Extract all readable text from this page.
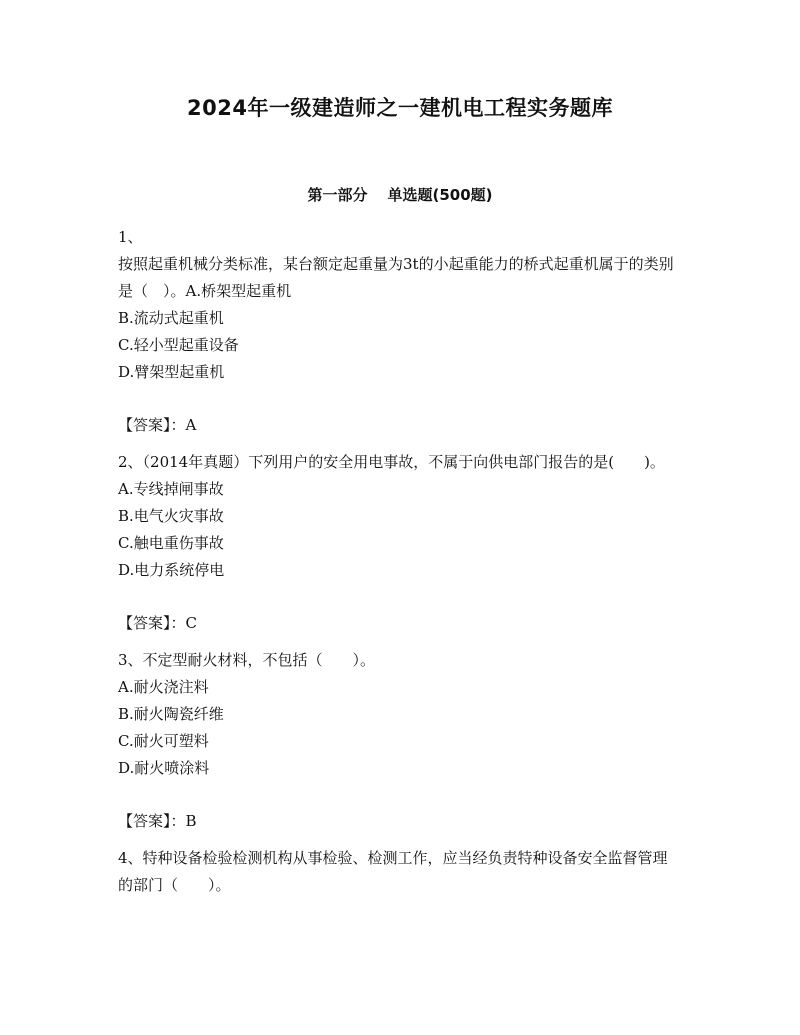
2024年一级建造师之一建机电工程实务题库
第一部分 单选题(500题)
1、
按照起重机械分类标准，某台额定起重量为3t的小起重能力的桥式起重机属于的类别是（　）。A.桥架型起重机
B.流动式起重机
C.轻小型起重设备
D.臂架型起重机
【答案】：A
2、（2014年真题）下列用户的安全用电事故，不属于向供电部门报告的是(　　)。
A.专线掉闸事故
B.电气火灾事故
C.触电重伤事故
D.电力系统停电
【答案】：C
3、不定型耐火材料，不包括（　　）。
A.耐火浇注料
B.耐火陶瓷纤维
C.耐火可塑料
D.耐火喷涂料
【答案】：B
4、特种设备检验检测机构从事检验、检测工作，应当经负责特种设备安全监督管理的部门（　　）。
